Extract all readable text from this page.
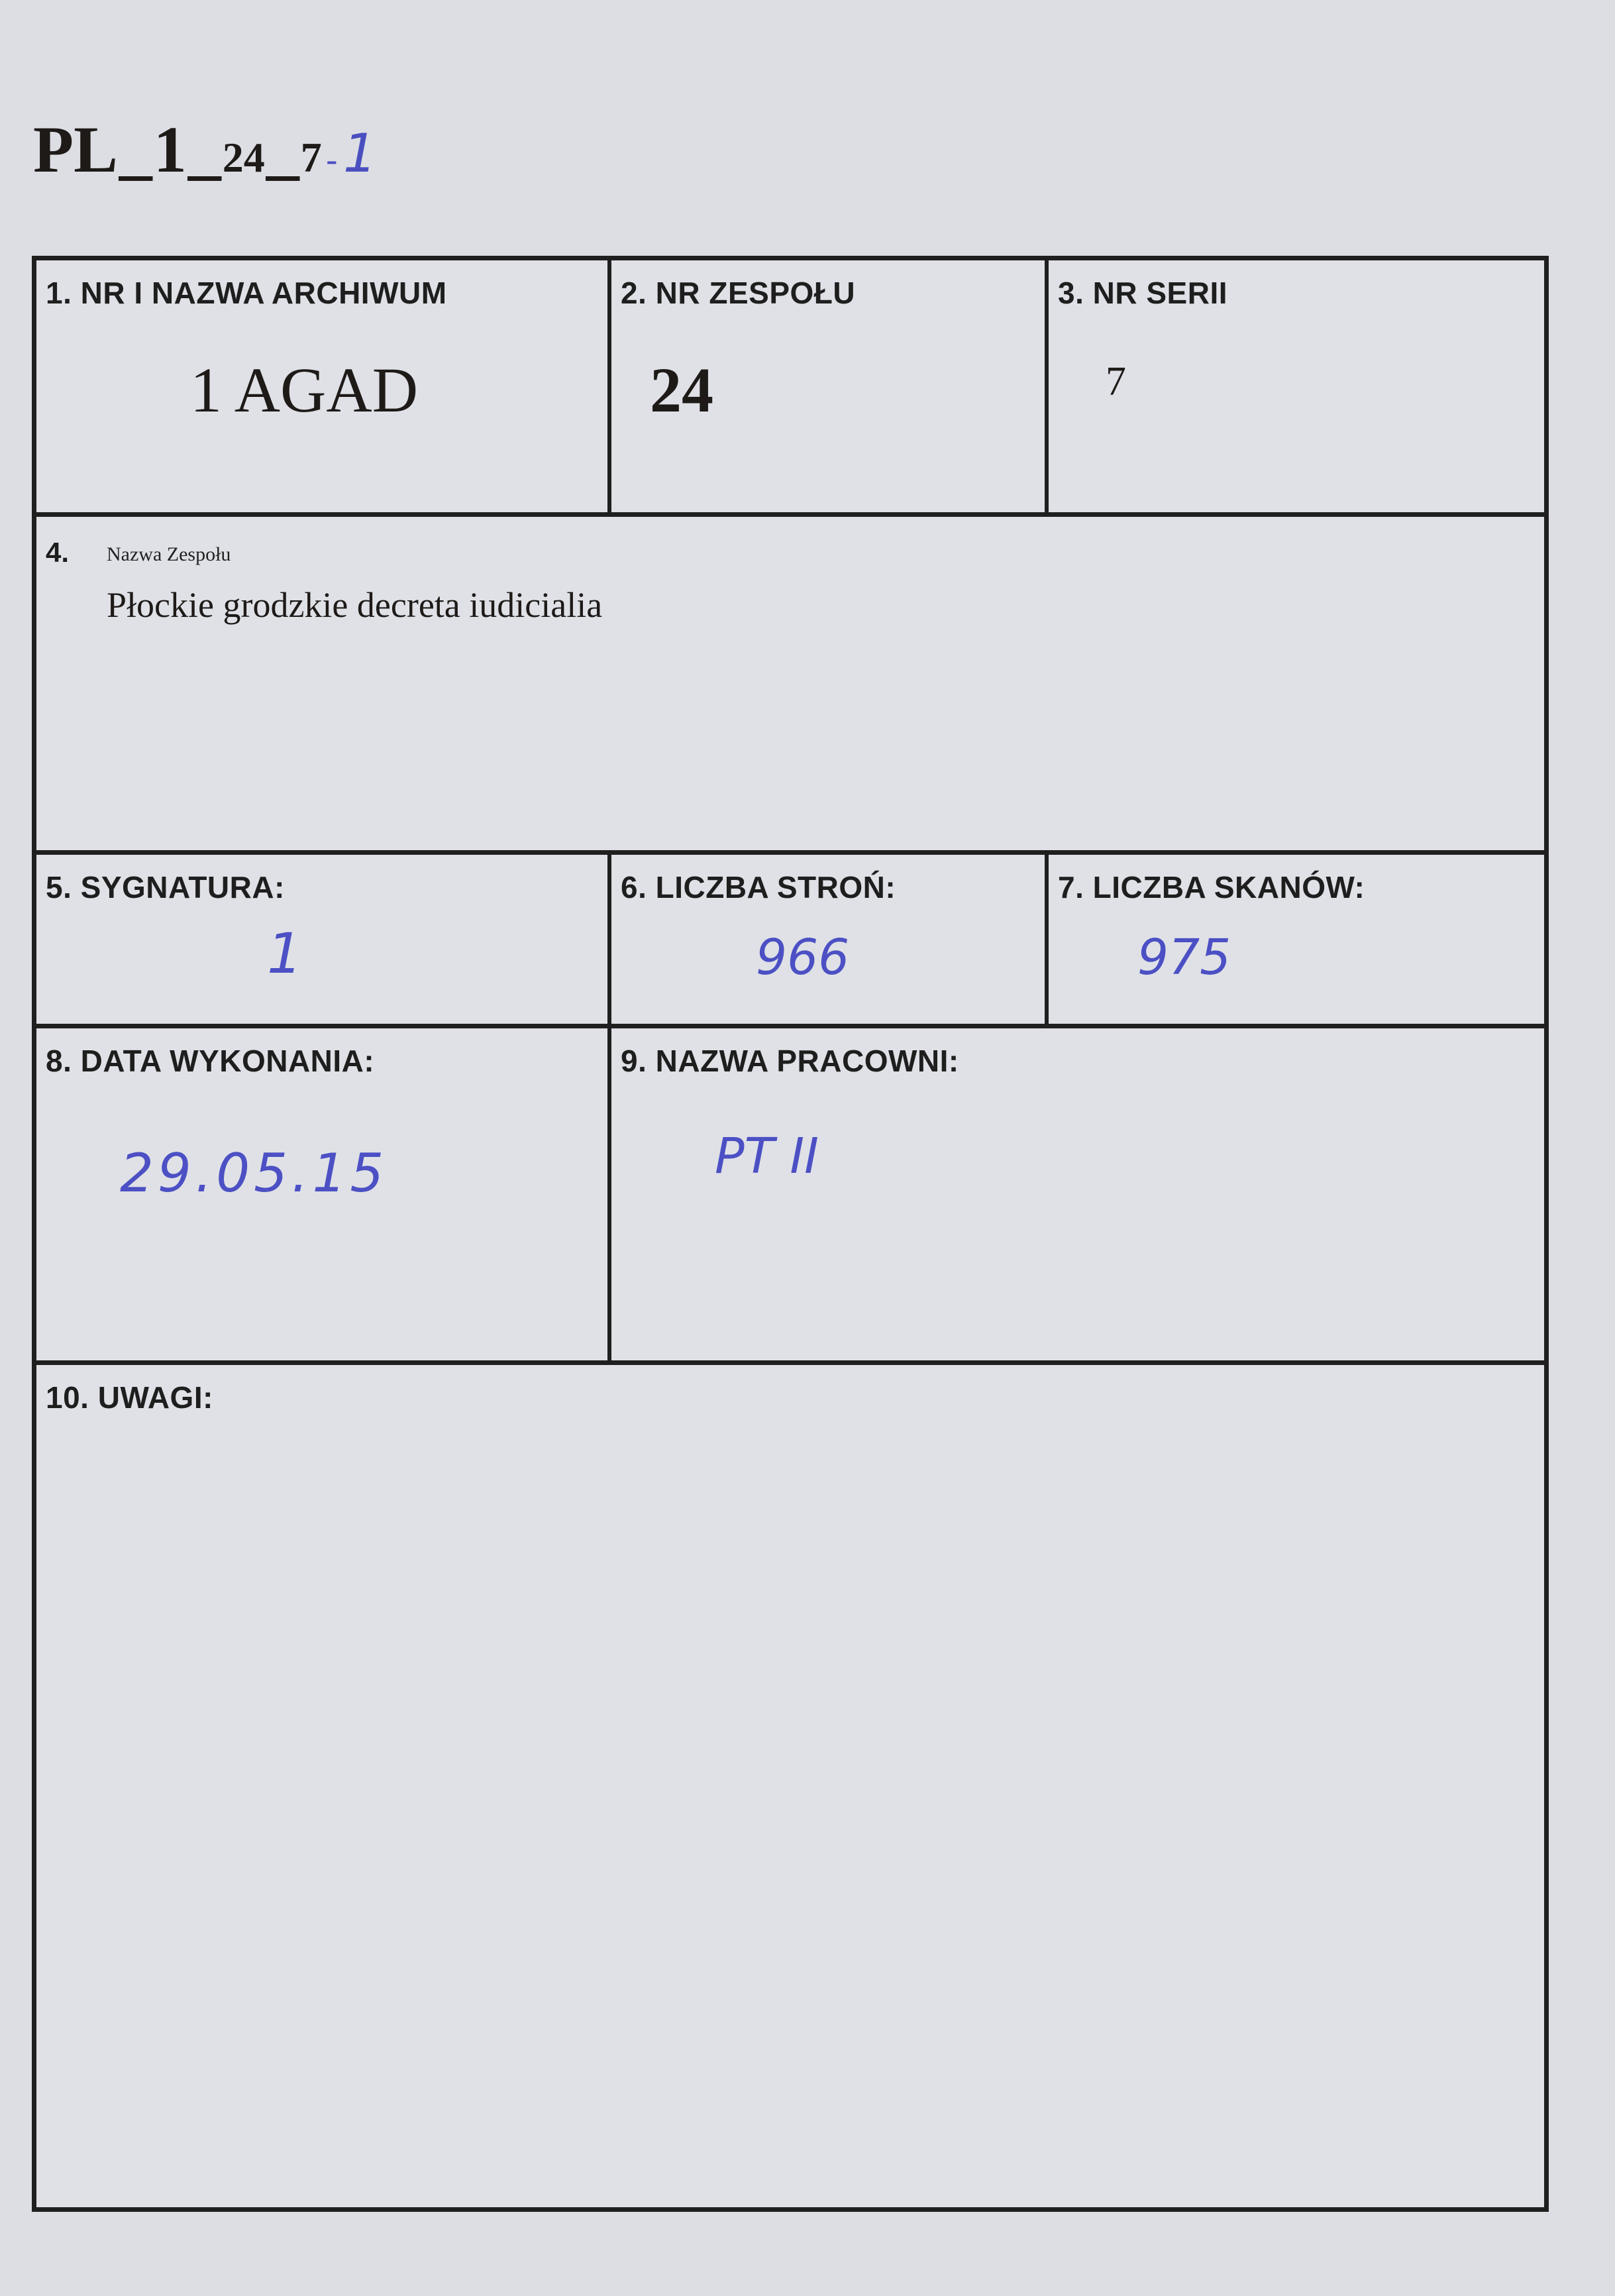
PL _ 1 _ 24 _ 7 - 1
1. NR I NAZWA ARCHIWUM
1 AGAD
2. NR ZESPOŁU
24
3. NR SERII
7
4. Nazwa Zespołu
Płockie grodzkie decreta iudicialia
5. SYGNATURA:
1
6. LICZBA STROŃ:
966
7. LICZBA SKANÓW:
975
8. DATA WYKONANIA:
29.05.15
9. NAZWA PRACOWNI:
PT II
10. UWAGI:
